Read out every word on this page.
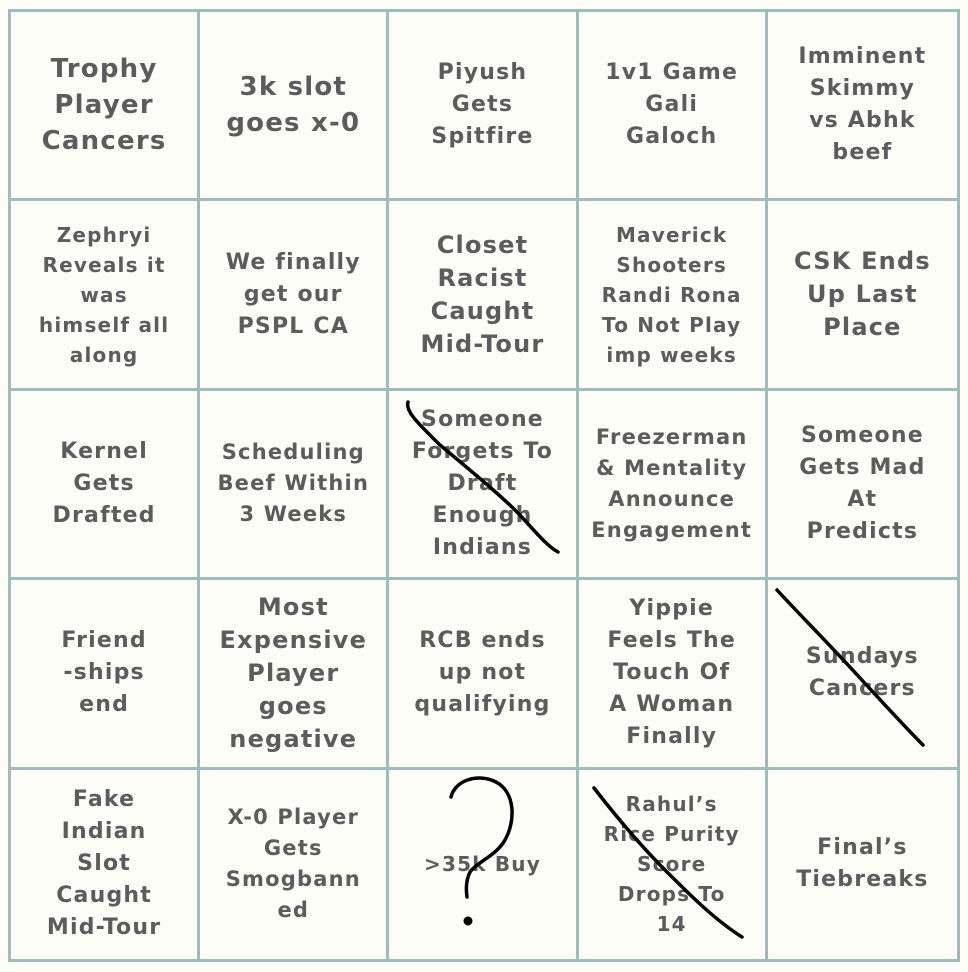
Trophy
Player
Cancers
3k slot
goes x-0
Piyush
Gets
Spitfire
1v1 Game
Gali
Galoch
Imminent
Skimmy
vs Abhk
beef
Zephryi
Reveals it
was
himself all
along
We finally
get our
PSPL CA
Closet
Racist
Caught
Mid-Tour
Maverick
Shooters
Randi Rona
To Not Play
imp weeks
CSK Ends
Up Last
Place
Kernel
Gets
Drafted
Scheduling
Beef Within
3 Weeks
Someone
Forgets To
Draft
Enough
Indians
Freezerman
& Mentality
Announce
Engagement
Someone
Gets Mad
At
Predicts
Friend
-ships
end
Most
Expensive
Player
goes
negative
RCB ends
up not
qualifying
Yippie
Feels The
Touch Of
A Woman
Finally
Sundays
Cancers
Fake
Indian
Slot
Caught
Mid-Tour
X-0 Player
Gets
Smogbann
ed
>35k Buy
Rahul’s
Rice Purity
Score
Drops To
14
Final’s
Tiebreaks
